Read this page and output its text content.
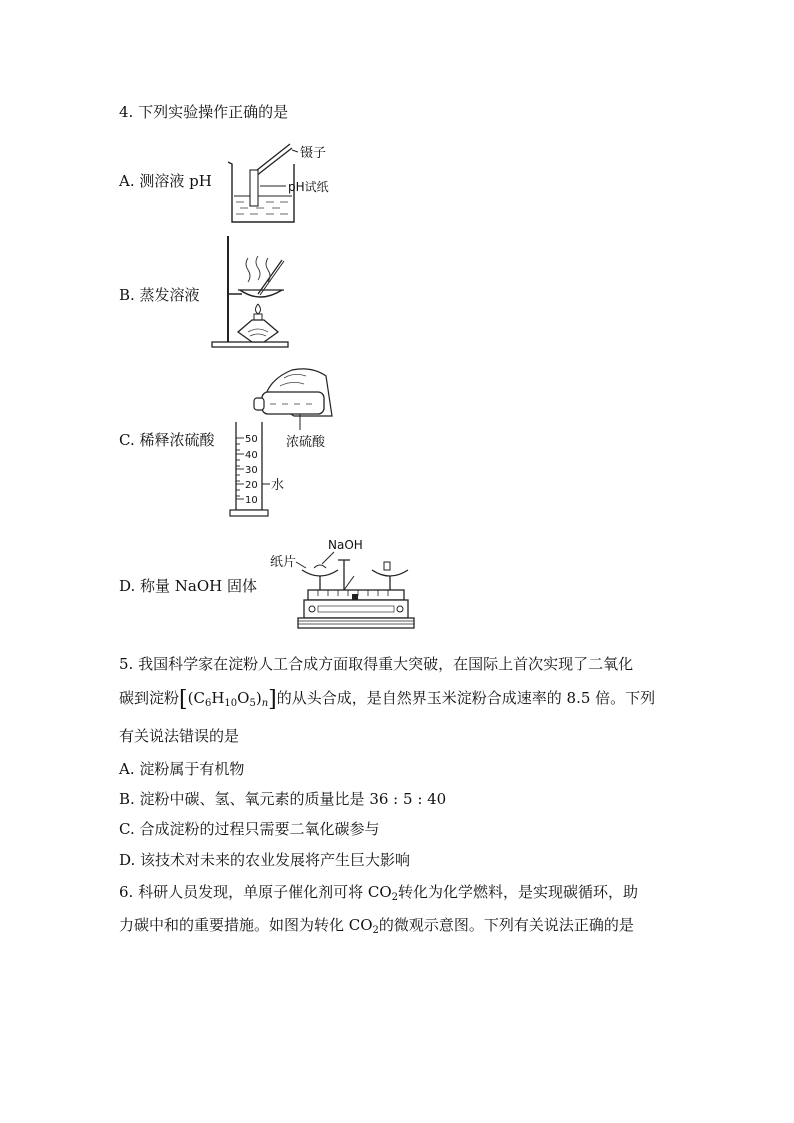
4. 下列实验操作正确的是
A. 测溶液 pH
镊子
pH试纸
B. 蒸发溶液
C. 稀释浓硫酸	浓硫酸
50
40
30
20
10
水
D. 称量 NaOH 固体
NaOH
纸片
5. 我国科学家在淀粉人工合成方面取得重大突破，在国际上首次实现了二氧化
碳到淀粉$[(C_6H_{10}O_5)_n]$的从头合成，是自然界玉米淀粉合成速率的 8.5 倍。下列
有关说法错误的是
A. 淀粉属于有机物
B. 淀粉中碳、氢、氧元素的质量比是 36 : 5 : 40
C. 合成淀粉的过程只需要二氧化碳参与
D. 该技术对未来的农业发展将产生巨大影响
6. 科研人员发现，单原子催化剂可将 $CO_2$转化为化学燃料，是实现碳循环，助
力碳中和的重要措施。如图为转化 $CO_2$的微观示意图。下列有关说法正确的是
